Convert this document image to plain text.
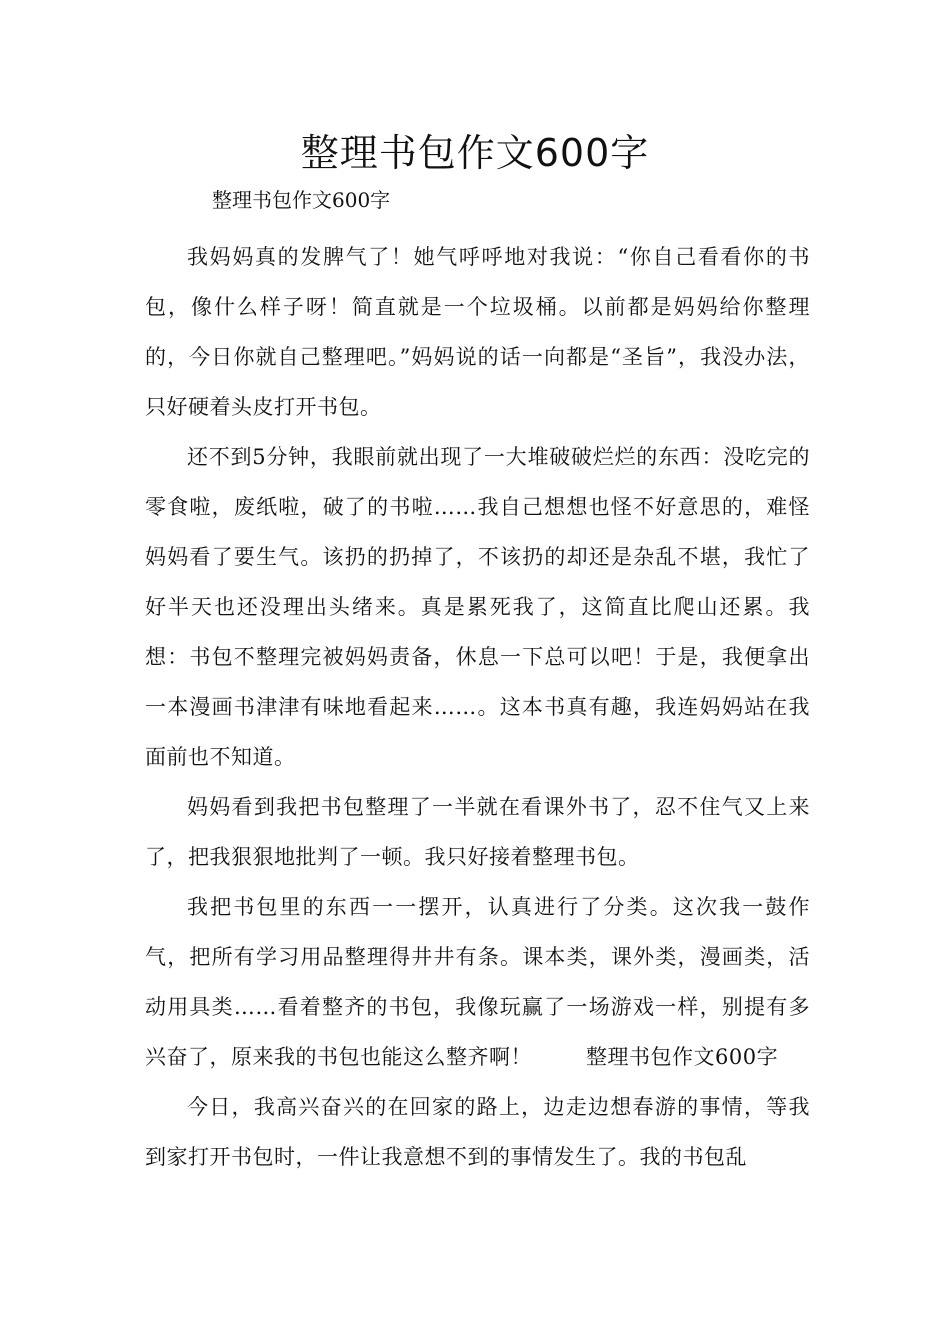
整理书包作文600字

整理书包作文600字

我妈妈真的发脾气了！她气呼呼地对我说：“你自己看看你的书包，像什么样子呀！简直就是一个垃圾桶。以前都是妈妈给你整理的，今日你就自己整理吧。”妈妈说的话一向都是“圣旨”，我没办法，只好硬着头皮打开书包。

还不到5分钟，我眼前就出现了一大堆破破烂烂的东西：没吃完的零食啦，废纸啦，破了的书啦……我自己想想也怪不好意思的，难怪妈妈看了要生气。该扔的扔掉了，不该扔的却还是杂乱不堪，我忙了好半天也还没理出头绪来。真是累死我了，这简直比爬山还累。我想：书包不整理完被妈妈责备，休息一下总可以吧！于是，我便拿出一本漫画书津津有味地看起来……。这本书真有趣，我连妈妈站在我面前也不知道。

妈妈看到我把书包整理了一半就在看课外书了，忍不住气又上来了，把我狠狠地批判了一顿。我只好接着整理书包。

我把书包里的东西一一摆开，认真进行了分类。这次我一鼓作气，把所有学习用品整理得井井有条。课本类，课外类，漫画类，活动用具类……看着整齐的书包，我像玩赢了一场游戏一样，别提有多兴奋了，原来我的书包也能这么整齐啊！	整理书包作文600字

今日，我高兴奋兴的在回家的路上，边走边想春游的事情，等我到家打开书包时，一件让我意想不到的事情发生了。我的书包乱
